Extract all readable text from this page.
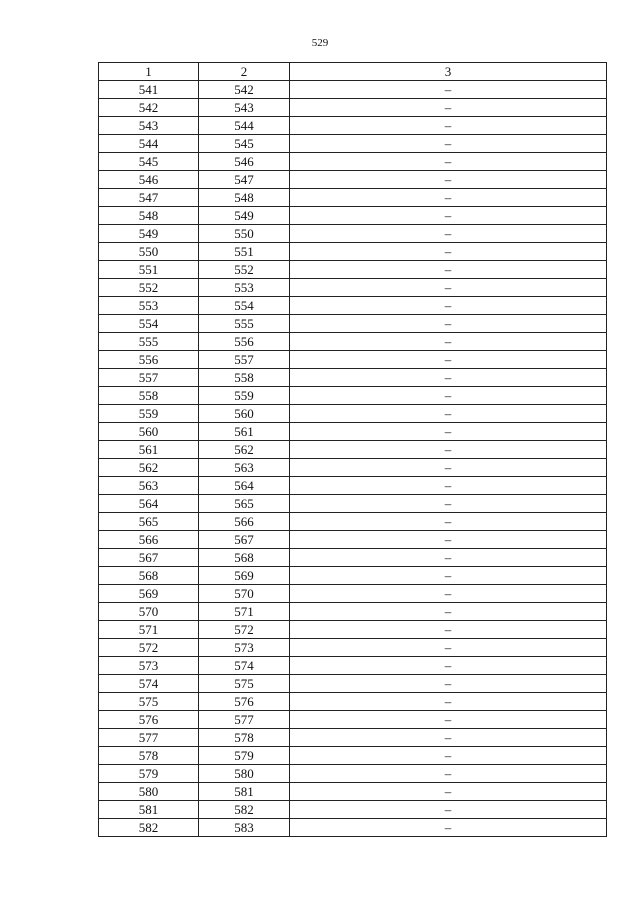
529
1	2	3
541	542	–
542	543	–
543	544	–
544	545	–
545	546	–
546	547	–
547	548	–
548	549	–
549	550	–
550	551	–
551	552	–
552	553	–
553	554	–
554	555	–
555	556	–
556	557	–
557	558	–
558	559	–
559	560	–
560	561	–
561	562	–
562	563	–
563	564	–
564	565	–
565	566	–
566	567	–
567	568	–
568	569	–
569	570	–
570	571	–
571	572	–
572	573	–
573	574	–
574	575	–
575	576	–
576	577	–
577	578	–
578	579	–
579	580	–
580	581	–
581	582	–
582	583	–
